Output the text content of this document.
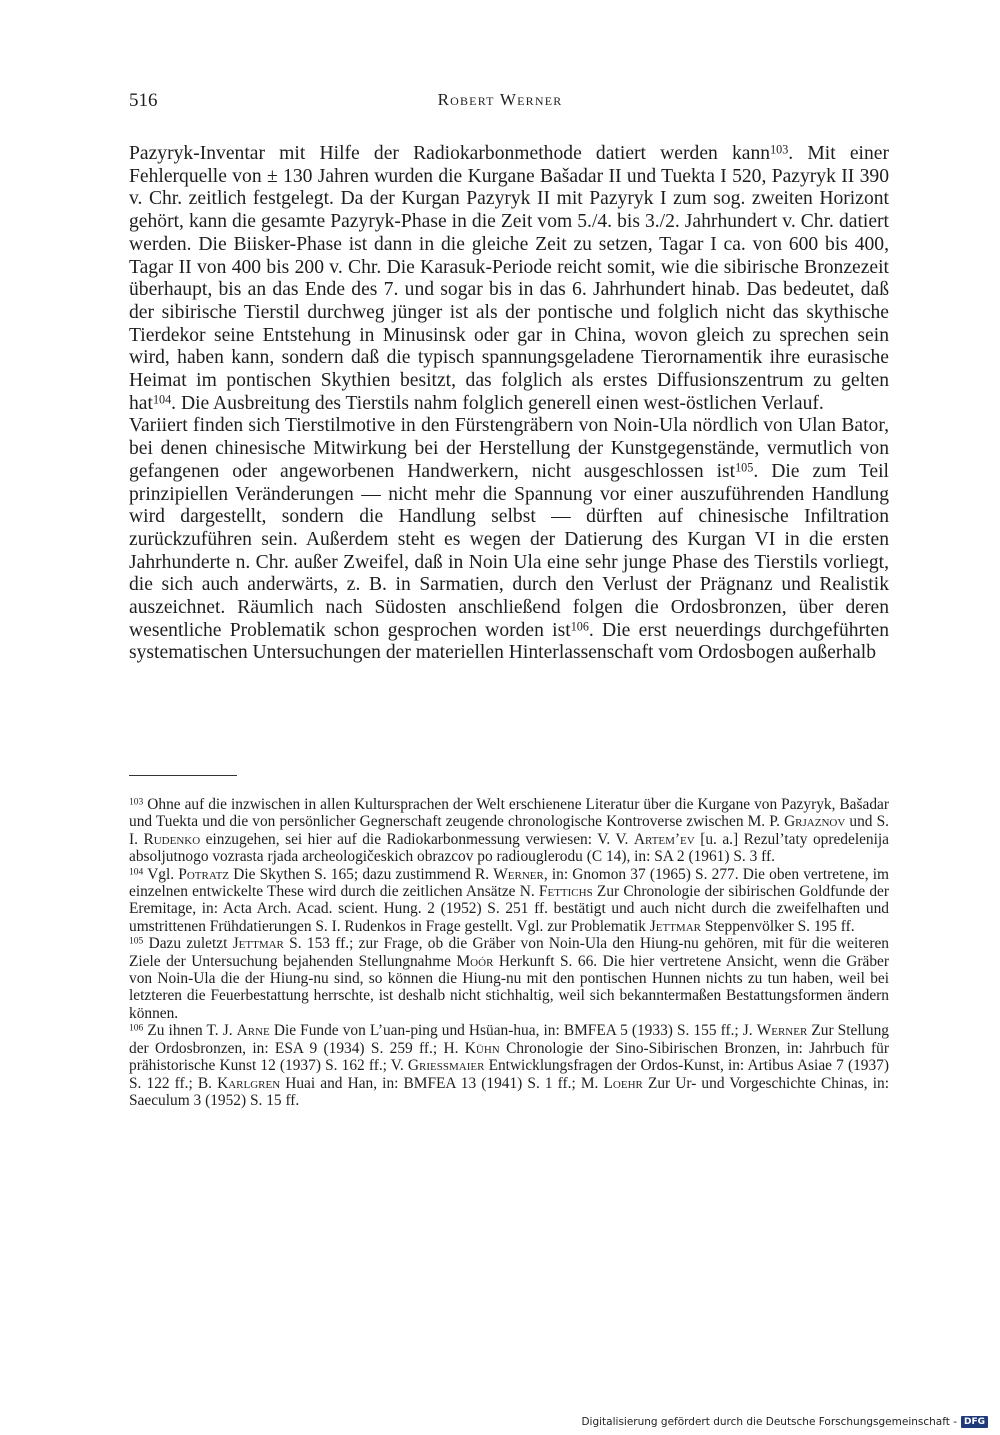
516	Robert Werner

Pazyryk-Inventar mit Hilfe der Radiokarbonmethode datiert werden kann$^{103}$. Mit einer Fehlerquelle von ± 130 Jahren wurden die Kurgane Bašadar II und Tuekta I 520, Pazyryk II 390 v. Chr. zeitlich festgelegt. Da der Kurgan Pazyryk II mit Pazyryk I zum sog. zweiten Horizont gehört, kann die gesamte Pazyryk-Phase in die Zeit vom 5./4. bis 3./2. Jahrhundert v. Chr. datiert werden. Die Biisker-Phase ist dann in die gleiche Zeit zu setzen, Tagar I ca. von 600 bis 400, Tagar II von 400 bis 200 v. Chr. Die Karasuk-Periode reicht somit, wie die sibirische Bronzezeit überhaupt, bis an das Ende des 7. und sogar bis in das 6. Jahrhundert hinab. Das bedeutet, daß der sibirische Tierstil durchweg jünger ist als der pontische und folglich nicht das skythische Tierdekor seine Entstehung in Minusinsk oder gar in China, wovon gleich zu sprechen sein wird, haben kann, sondern daß die typisch spannungsgeladene Tierornamentik ihre eurasische Heimat im pontischen Skythien besitzt, das folglich als erstes Diffusionszentrum zu gelten hat$^{104}$. Die Ausbreitung des Tierstils nahm folglich generell einen west-östlichen Verlauf.

Variiert finden sich Tierstilmotive in den Fürstengräbern von Noin-Ula nördlich von Ulan Bator, bei denen chinesische Mitwirkung bei der Herstellung der Kunstgegenstände, vermutlich von gefangenen oder angeworbenen Handwerkern, nicht ausgeschlossen ist$^{105}$. Die zum Teil prinzipiellen Veränderungen — nicht mehr die Spannung vor einer auszuführenden Handlung wird dargestellt, sondern die Handlung selbst — dürften auf chinesische Infiltration zurückzuführen sein. Außerdem steht es wegen der Datierung des Kurgan VI in die ersten Jahrhunderte n. Chr. außer Zweifel, daß in Noin Ula eine sehr junge Phase des Tierstils vorliegt, die sich auch anderwärts, z. B. in Sarmatien, durch den Verlust der Prägnanz und Realistik auszeichnet. Räumlich nach Südosten anschließend folgen die Ordosbronzen, über deren wesentliche Problematik schon gesprochen worden ist$^{106}$. Die erst neuerdings durchgeführten systematischen Untersuchungen der materiellen Hinterlassenschaft vom Ordosbogen außerhalb

$^{103}$ Ohne auf die inzwischen in allen Kultursprachen der Welt erschienene Literatur über die Kurgane von Pazyryk, Bašadar und Tuekta und die von persönlicher Gegnerschaft zeugende chronologische Kontroverse zwischen M. P. Grjaznov und S. I. Rudenko einzugehen, sei hier auf die Radiokarbonmessung verwiesen: V. V. Artem’ev [u. a.] Rezul’taty opredelenija absoljutnogo vozrasta rjada archeologičeskich obrazcov po radiouglerodu (C 14), in: SA 2 (1961) S. 3 ff.

$^{104}$ Vgl. Potratz Die Skythen S. 165; dazu zustimmend R. Werner, in: Gnomon 37 (1965) S. 277. Die oben vertretene, im einzelnen entwickelte These wird durch die zeitlichen Ansätze N. Fettichs Zur Chronologie der sibirischen Goldfunde der Eremitage, in: Acta Arch. Acad. scient. Hung. 2 (1952) S. 251 ff. bestätigt und auch nicht durch die zweifelhaften und umstrittenen Frühdatierungen S. I. Rudenkos in Frage gestellt. Vgl. zur Problematik Jettmar Steppenvölker S. 195 ff.

$^{105}$ Dazu zuletzt Jettmar S. 153 ff.; zur Frage, ob die Gräber von Noin-Ula den Hiung-nu gehören, mit für die weiteren Ziele der Untersuchung bejahenden Stellungnahme Moór Herkunft S. 66. Die hier vertretene Ansicht, wenn die Gräber von Noin-Ula die der Hiung-nu sind, so können die Hiung-nu mit den pontischen Hunnen nichts zu tun haben, weil bei letzteren die Feuerbestattung herrschte, ist deshalb nicht stichhaltig, weil sich bekanntermaßen Bestattungsformen ändern können.

$^{106}$ Zu ihnen T. J. Arne Die Funde von L’uan-ping und Hsüan-hua, in: BMFEA 5 (1933) S. 155 ff.; J. Werner Zur Stellung der Ordosbronzen, in: ESA 9 (1934) S. 259 ff.; H. Kühn Chronologie der Sino-Sibirischen Bronzen, in: Jahrbuch für prähistorische Kunst 12 (1937) S. 162 ff.; V. Griessmaier Entwicklungsfragen der Ordos-Kunst, in: Artibus Asiae 7 (1937) S. 122 ff.; B. Karlgren Huai and Han, in: BMFEA 13 (1941) S. 1 ff.; M. Loehr Zur Ur- und Vorgeschichte Chinas, in: Saeculum 3 (1952) S. 15 ff.

Digitalisierung gefördert durch die Deutsche Forschungsgemeinschaft - DFG
